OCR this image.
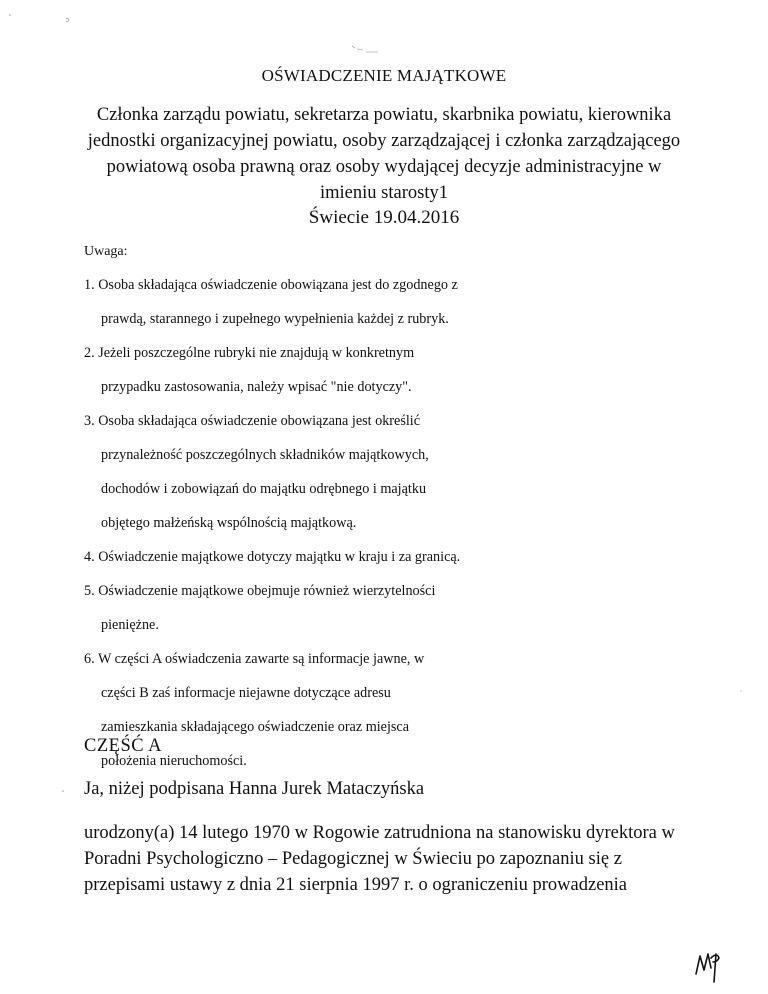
OŚWIADCZENIE MAJĄTKOWE
Członka zarządu powiatu, sekretarza powiatu, skarbnika powiatu, kierownika
jednostki organizacyjnej powiatu, osoby zarządzającej i członka zarządzającego
powiatową osoba prawną oraz osoby wydającej decyzje administracyjne w
imieniu starosty1
Świecie 19.04.2016
Uwaga:
1. Osoba składająca oświadczenie obowiązana jest do zgodnego z
prawdą, starannego i zupełnego wypełnienia każdej z rubryk.
2. Jeżeli poszczególne rubryki nie znajdują w konkretnym
przypadku zastosowania, należy wpisać "nie dotyczy".
3. Osoba składająca oświadczenie obowiązana jest określić
przynależność poszczególnych składników majątkowych,
dochodów i zobowiązań do majątku odrębnego i majątku
objętego małżeńską wspólnością majątkową.
4. Oświadczenie majątkowe dotyczy majątku w kraju i za granicą.
5. Oświadczenie majątkowe obejmuje również wierzytelności
pieniężne.
6. W części A oświadczenia zawarte są informacje jawne, w
części B zaś informacje niejawne dotyczące adresu
zamieszkania składającego oświadczenie oraz miejsca
położenia nieruchomości.
CZĘŚĆ A
Ja, niżej podpisana Hanna Jurek Mataczyńska
urodzony(a) 14 lutego 1970 w Rogowie zatrudniona na stanowisku dyrektora w
Poradni Psychologiczno – Pedagogicznej w Świeciu po zapoznaniu się z
przepisami ustawy z dnia 21 sierpnia 1997 r. o ograniczeniu prowadzenia
